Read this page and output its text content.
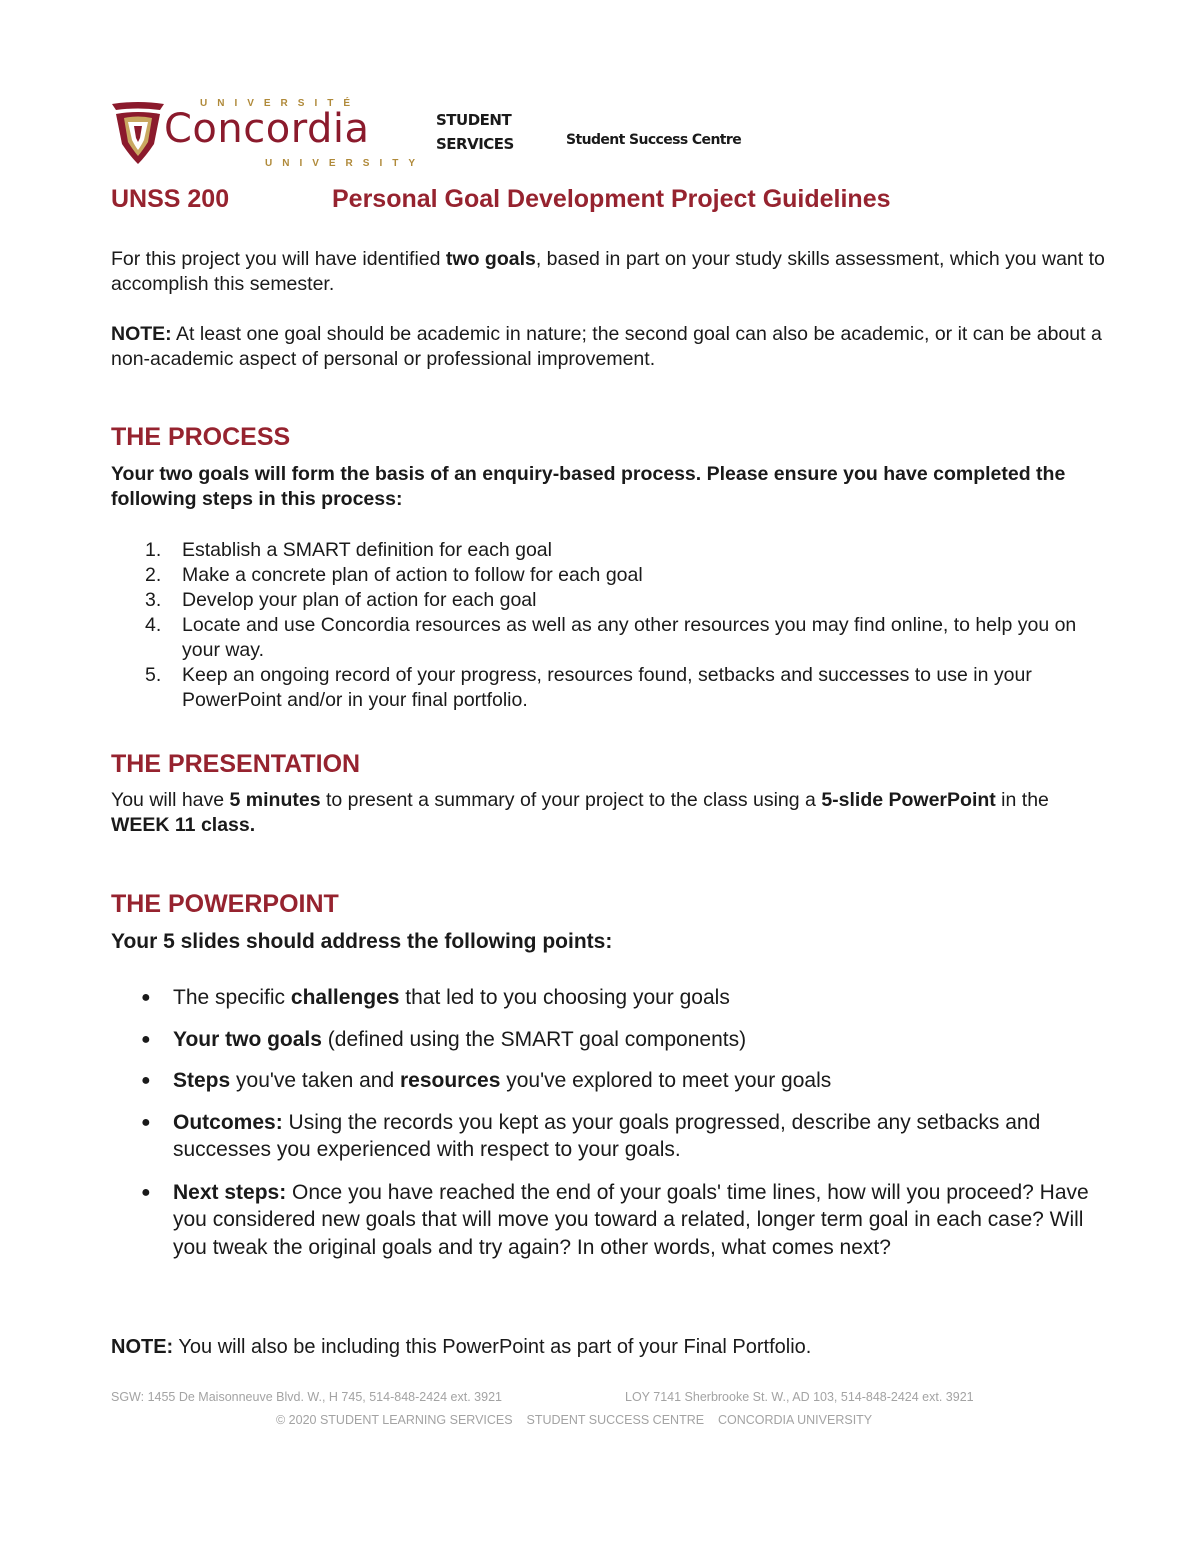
UNIVERSITÉ
Concordia
UNIVERSITY
STUDENT
SERVICES	Student Success Centre
UNSS 200	Personal Goal Development Project Guidelines

For this project you will have identified two goals, based in part on your study skills assessment, which you want to accomplish this semester.

NOTE: At least one goal should be academic in nature; the second goal can also be academic, or it can be about a non-academic aspect of personal or professional improvement.

THE PROCESS

Your two goals will form the basis of an enquiry-based process. Please ensure you have completed the following steps in this process:

1. Establish a SMART definition for each goal
2. Make a concrete plan of action to follow for each goal
3. Develop your plan of action for each goal
4. Locate and use Concordia resources as well as any other resources you may find online, to help you on your way.
5. Keep an ongoing record of your progress, resources found, setbacks and successes to use in your PowerPoint and/or in your final portfolio.
THE PRESENTATION

You will have 5 minutes to present a summary of your project to the class using a 5-slide PowerPoint in the WEEK 11 class.

THE POWERPOINT

Your 5 slides should address the following points:

● The specific challenges that led to you choosing your goals
● Your two goals (defined using the SMART goal components)
● Steps you've taken and resources you've explored to meet your goals
● Outcomes: Using the records you kept as your goals progressed, describe any setbacks and successes you experienced with respect to your goals.
● Next steps: Once you have reached the end of your goals' time lines, how will you proceed? Have you considered new goals that will move you toward a related, longer term goal in each case? Will you tweak the original goals and try again? In other words, what comes next?

NOTE: You will also be including this PowerPoint as part of your Final Portfolio.

SGW: 1455 De Maisonneuve Blvd. W., H 745, 514-848-2424 ext. 3921	LOY 7141 Sherbrooke St. W., AD 103, 514-848-2424 ext. 3921
© 2020 STUDENT LEARNING SERVICES    STUDENT SUCCESS CENTRE    CONCORDIA UNIVERSITY
